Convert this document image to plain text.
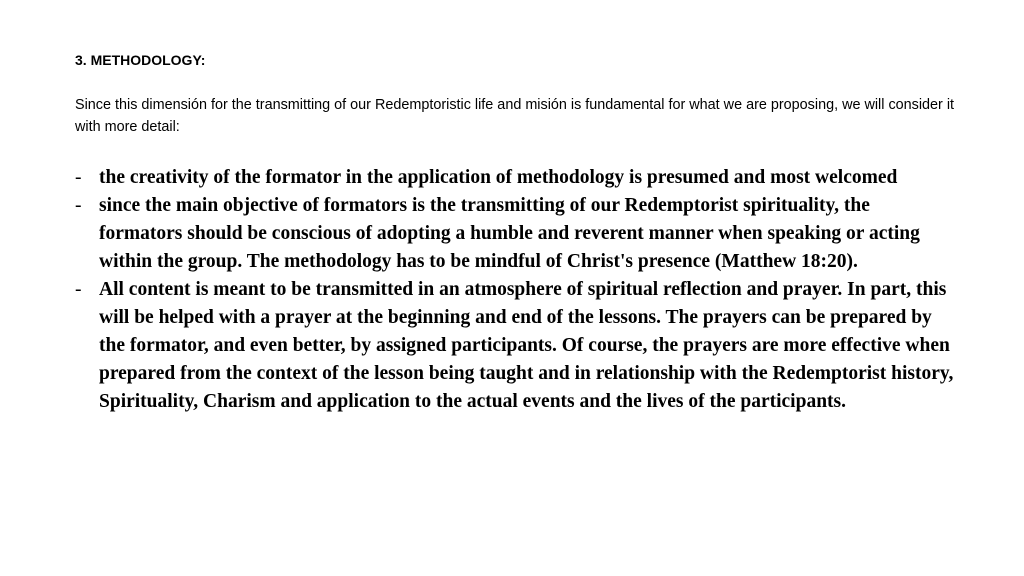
3. METHODOLOGY:

Since this dimensión for the transmitting of our Redemptoristic life and misión is fundamental for what we are proposing, we will consider it with more detail:

- the creativity of the formator in the application of methodology is presumed and most welcomed
- since the main objective of formators is the transmitting of our Redemptorist spirituality, the formators should be conscious of adopting a humble and reverent manner when speaking or acting within the group. The methodology has to be mindful of Christ's presence (Matthew 18:20).
- All content is meant to be transmitted in an atmosphere of spiritual reflection and prayer. In part, this will be helped with a prayer at the beginning and end of the lessons. The prayers can be prepared by the formator, and even better, by assigned participants. Of course, the prayers are more effective when prepared from the context of the lesson being taught and in relationship with the Redemptorist history, Spirituality, Charism and application to the actual events and the lives of the participants.
